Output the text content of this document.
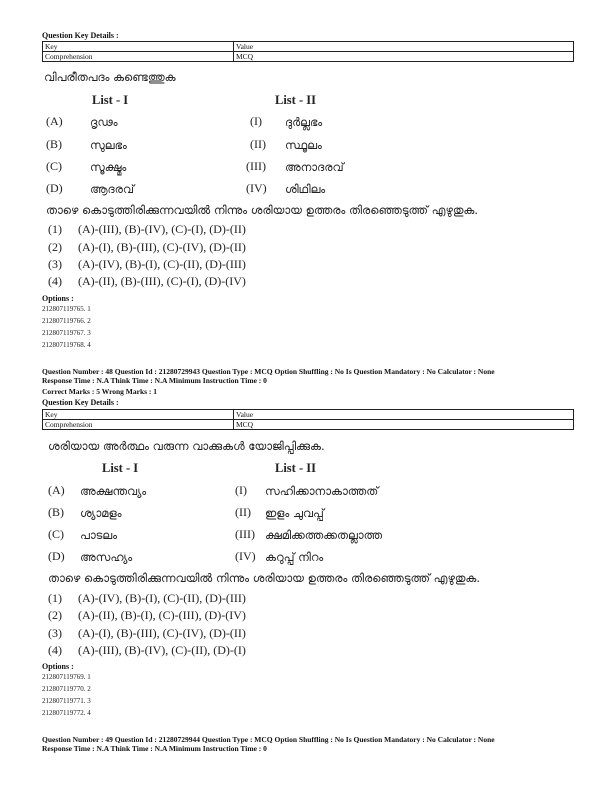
Question Key Details :
Key	Value
Comprehension	MCQ
വിപരീതപദം കണ്ടെത്തുക
List - I	List - II
(A) ദൃഢം	(I) ദുർല്ലഭം
(B) സുലഭം	(II) സ്ഥൂലം
(C) സൂക്ഷ്മം	(III) അനാദരവ്
(D) ആദരവ്	(IV) ശിഥിലം
താഴെ കൊടുത്തിരിക്കുന്നവയിൽ നിന്നും ശരിയായ ഉത്തരം തിരഞ്ഞെടുത്ത് എഴുതുക.
(1) (A)-(III), (B)-(IV), (C)-(I), (D)-(II)
(2) (A)-(I), (B)-(III), (C)-(IV), (D)-(II)
(3) (A)-(IV), (B)-(I), (C)-(II), (D)-(III)
(4) (A)-(II), (B)-(III), (C)-(I), (D)-(IV)
Options :
212807119765. 1
212807119766. 2
212807119767. 3
212807119768. 4
Question Number : 48 Question Id : 21280729943 Question Type : MCQ Option Shuffling : No Is Question Mandatory : No Calculator : None
Response Time : N.A Think Time : N.A Minimum Instruction Time : 0
Correct Marks : 5 Wrong Marks : 1
Question Key Details :
Key	Value
Comprehension	MCQ
ശരിയായ അർത്ഥം വരുന്ന വാക്കുകൾ യോജിപ്പിക്കുക.
List - I	List - II
(A) അക്ഷന്തവ്യം	(I) സഹിക്കാനാകാത്തത്
(B) ശ്യാമളം	(II) ഇളം ചുവപ്പ്
(C) പാടലം	(III) ക്ഷമിക്കത്തക്കതല്ലാത്ത
(D) അസഹ്യം	(IV) കറുപ്പ് നിറം
താഴെ കൊടുത്തിരിക്കുന്നവയിൽ നിന്നും ശരിയായ ഉത്തരം തിരഞ്ഞെടുത്ത് എഴുതുക.
(1) (A)-(IV), (B)-(I), (C)-(II), (D)-(III)
(2) (A)-(II), (B)-(I), (C)-(III), (D)-(IV)
(3) (A)-(I), (B)-(III), (C)-(IV), (D)-(II)
(4) (A)-(III), (B)-(IV), (C)-(II), (D)-(I)
Options :
212807119769. 1
212807119770. 2
212807119771. 3
212807119772. 4
Question Number : 49 Question Id : 21280729944 Question Type : MCQ Option Shuffling : No Is Question Mandatory : No Calculator : None
Response Time : N.A Think Time : N.A Minimum Instruction Time : 0
